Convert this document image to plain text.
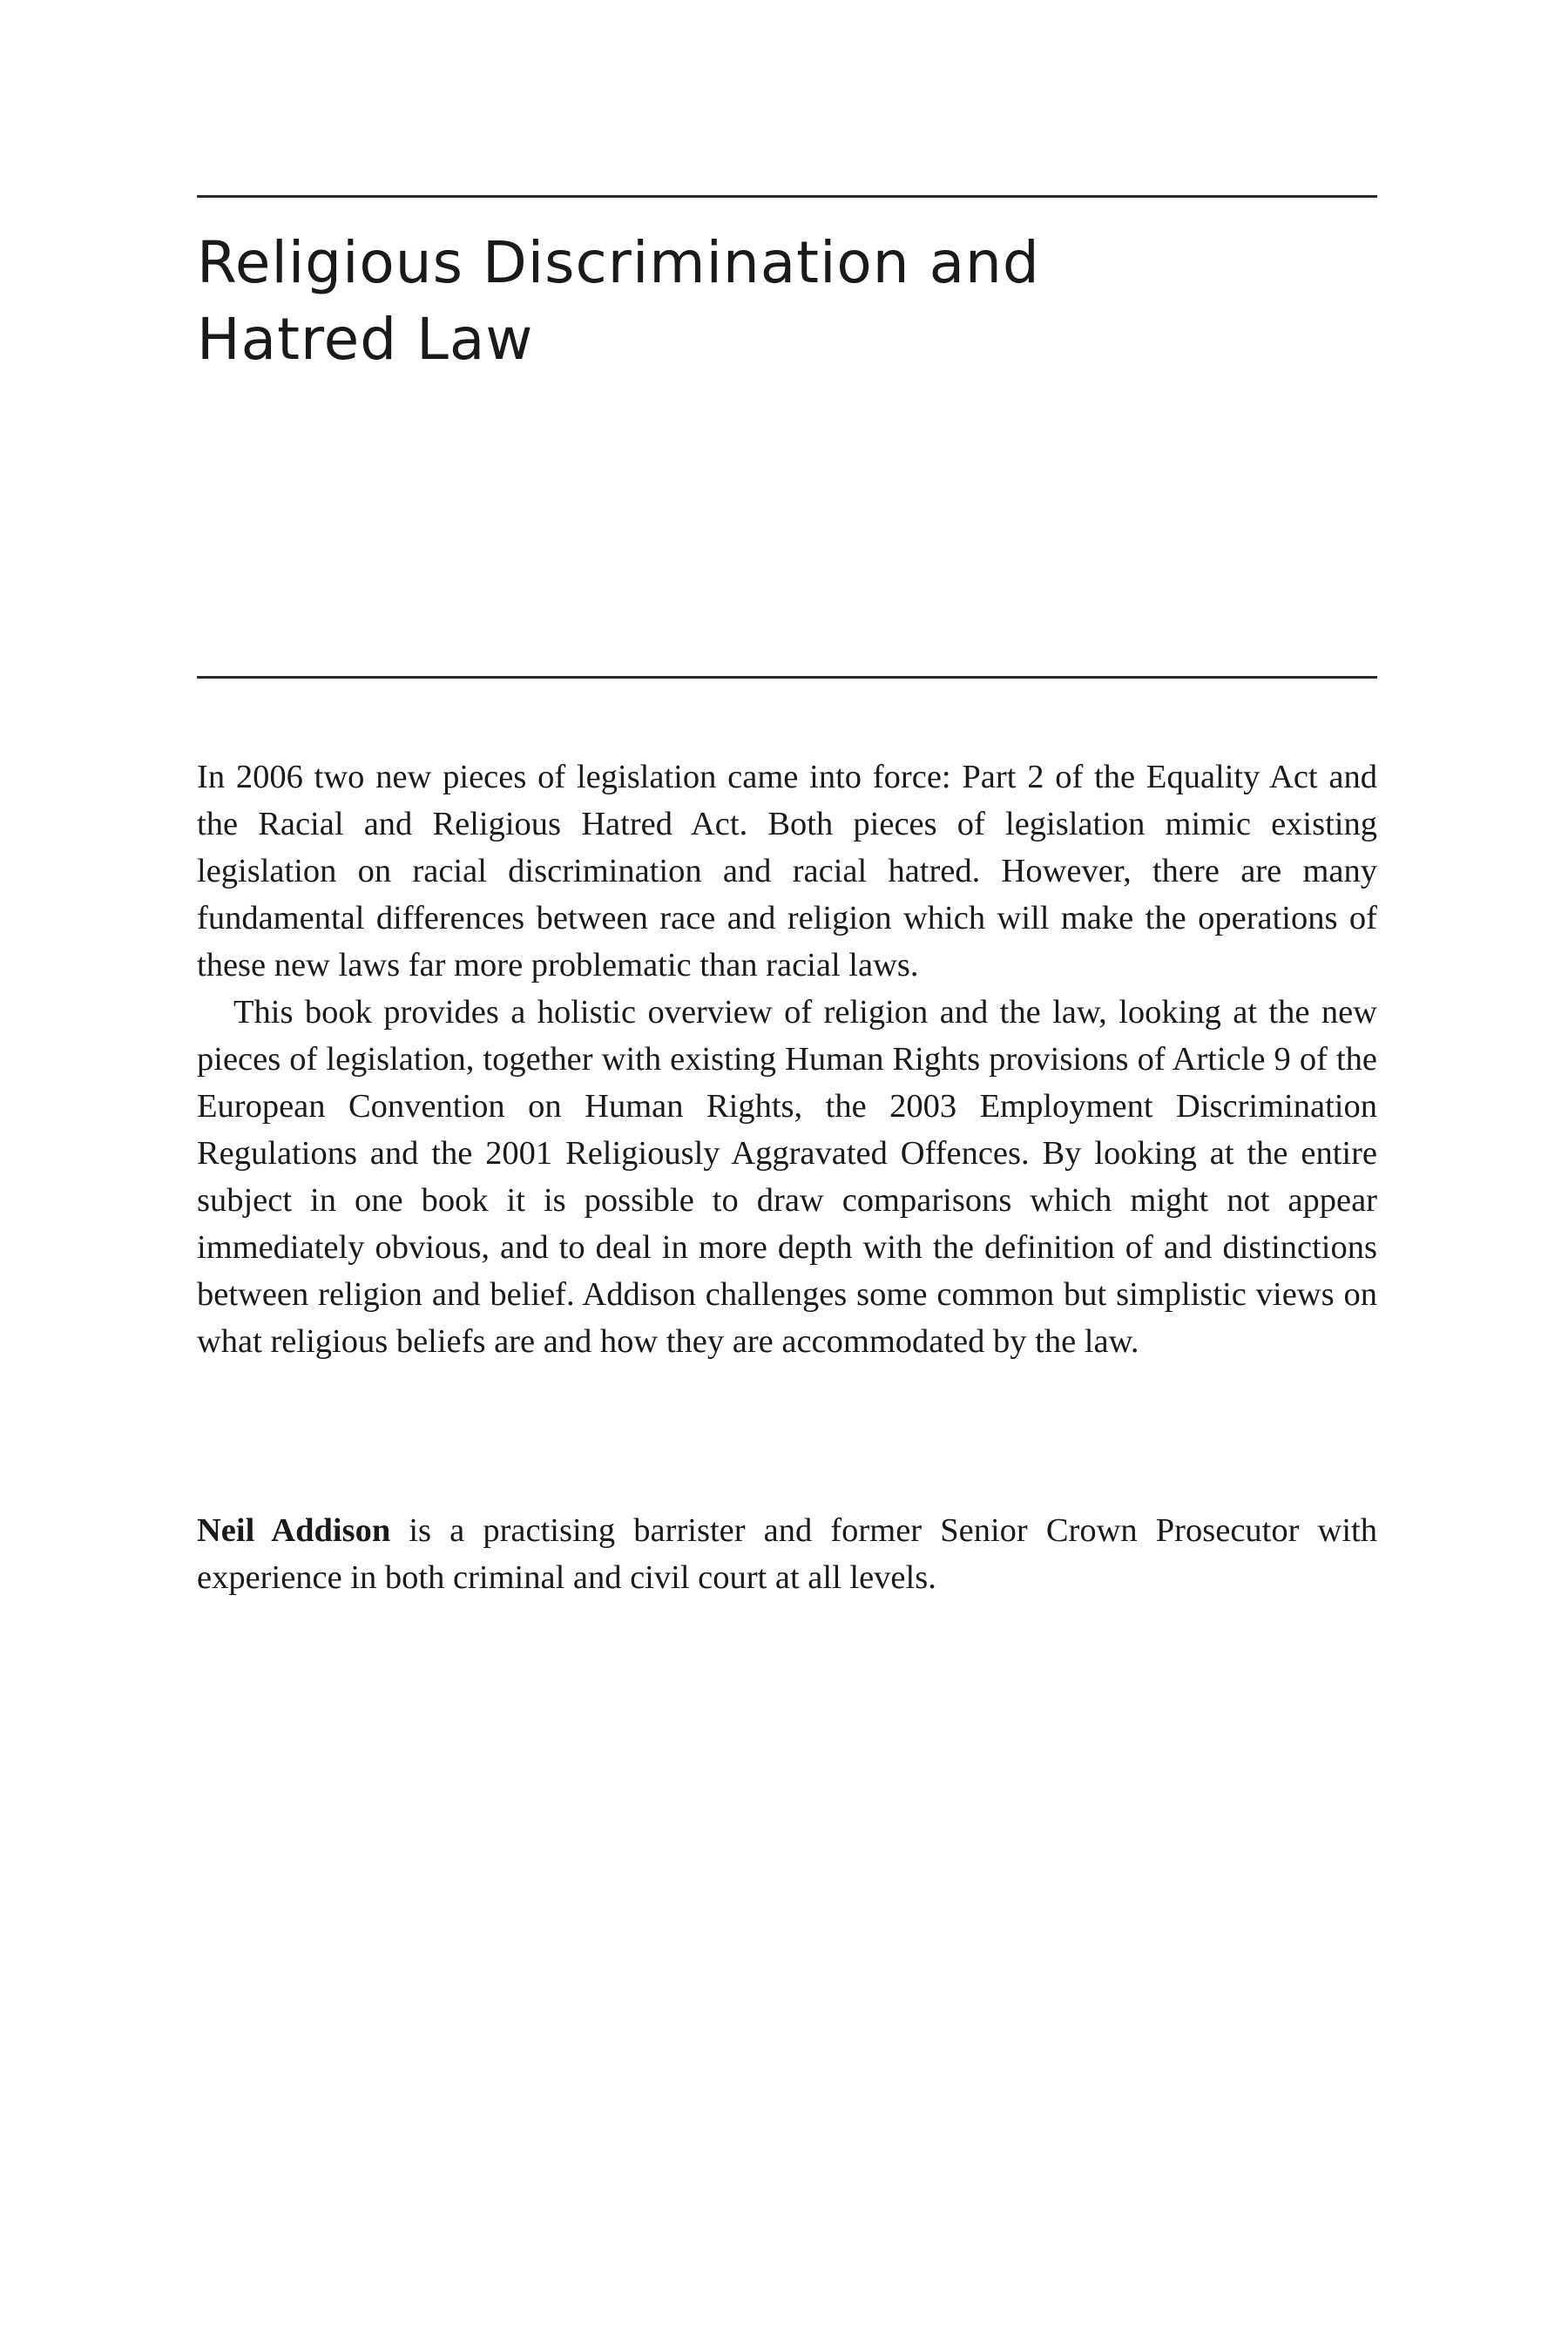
Religious Discrimination and
Hatred Law

In 2006 two new pieces of legislation came into force: Part 2 of the Equality Act and the Racial and Religious Hatred Act. Both pieces of legislation mimic existing legislation on racial discrimination and racial hatred. However, there are many fundamental differences between race and religion which will make the operations of these new laws far more problematic than racial laws.

This book provides a holistic overview of religion and the law, looking at the new pieces of legislation, together with existing Human Rights provisions of Article 9 of the European Convention on Human Rights, the 2003 Employment Discrimination Regulations and the 2001 Religiously Aggravated Offences. By looking at the entire subject in one book it is possible to draw comparisons which might not appear immediately obvious, and to deal in more depth with the definition of and distinctions between religion and belief. Addison challenges some common but simplistic views on what religious beliefs are and how they are accommodated by the law.

Neil Addison is a practising barrister and former Senior Crown Prosecutor with experience in both criminal and civil court at all levels.
